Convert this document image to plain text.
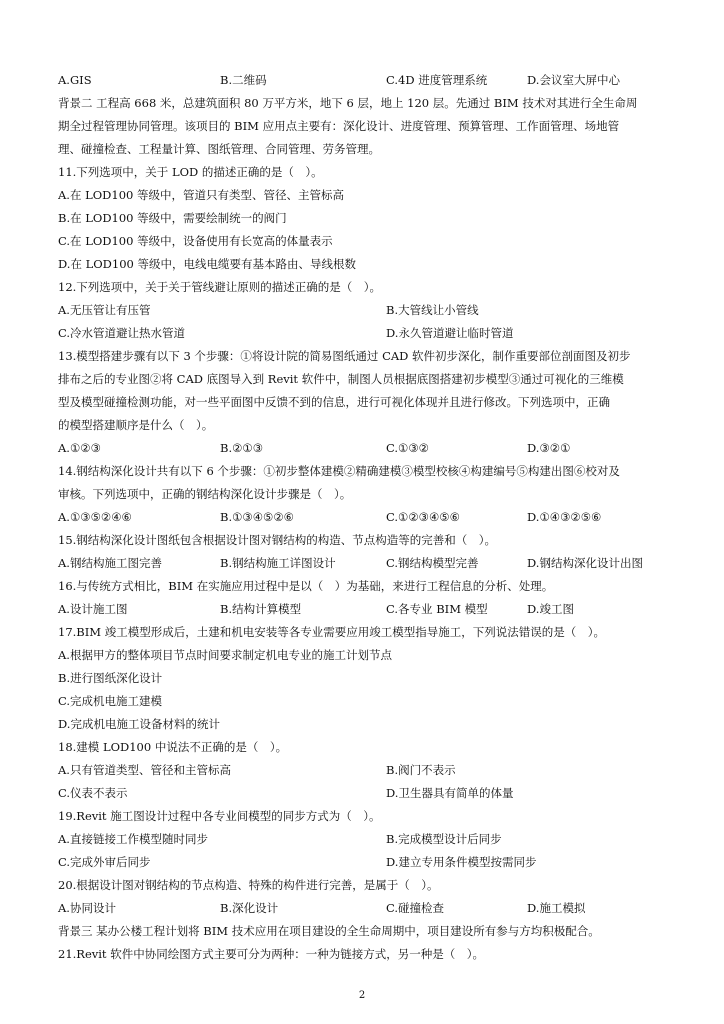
A.GIS	B.二维码	C.4D 进度管理系统	D.会议室大屏中心
背景二 工程高 668 米，总建筑面积 80 万平方米，地下 6 层，地上 120 层。先通过 BIM 技术对其进行全生命周
期全过程管理协同管理。该项目的 BIM 应用点主要有：深化设计、进度管理、预算管理、工作面管理、场地管
理、碰撞检查、工程量计算、图纸管理、合同管理、劳务管理。
11.下列选项中，关于 LOD 的描述正确的是（　）。
A.在 LOD100 等级中，管道只有类型、管径、主管标高
B.在 LOD100 等级中，需要绘制统一的阀门
C.在 LOD100 等级中，设备使用有长宽高的体量表示
D.在 LOD100 等级中，电线电缆要有基本路由、导线根数
12.下列选项中，关于关于管线避让原则的描述正确的是（　）。
A.无压管让有压管	B.大管线让小管线
C.冷水管道避让热水管道	D.永久管道避让临时管道
13.模型搭建步骤有以下 3 个步骤：①将设计院的简易图纸通过 CAD 软件初步深化，制作重要部位剖面图及初步
排布之后的专业图②将 CAD 底图导入到 Revit 软件中，制图人员根据底图搭建初步模型③通过可视化的三维模
型及模型碰撞检测功能，对一些平面图中反馈不到的信息，进行可视化体现并且进行修改。下列选项中，正确
的模型搭建顺序是什么（　）。
A.①②③	B.②①③	C.①③②	D.③②①
14.钢结构深化设计共有以下 6 个步骤：①初步整体建模②精确建模③模型校核④构建编号⑤构建出图⑥校对及
审核。下列选项中，正确的钢结构深化设计步骤是（　）。
A.①③⑤②④⑥	B.①③④⑤②⑥	C.①②③④⑤⑥	D.①④③②⑤⑥
15.钢结构深化设计图纸包含根据设计图对钢结构的构造、节点构造等的完善和（　）。
A.钢结构施工图完善	B.钢结构施工详图设计	C.钢结构模型完善	D.钢结构深化设计出图
16.与传统方式相比，BIM 在实施应用过程中是以（　）为基础，来进行工程信息的分析、处理。
A.设计施工图	B.结构计算模型	C.各专业 BIM 模型	D.竣工图
17.BIM 竣工模型形成后，土建和机电安装等各专业需要应用竣工模型指导施工，下列说法错误的是（　）。
A.根据甲方的整体项目节点时间要求制定机电专业的施工计划节点
B.进行图纸深化设计
C.完成机电施工建模
D.完成机电施工设备材料的统计
18.建模 LOD100 中说法不正确的是（　）。
A.只有管道类型、管径和主管标高	B.阀门不表示
C.仪表不表示	D.卫生器具有简单的体量
19.Revit 施工图设计过程中各专业间模型的同步方式为（　）。
A.直接链接工作模型随时同步	B.完成模型设计后同步
C.完成外审后同步	D.建立专用条件模型按需同步
20.根据设计图对钢结构的节点构造、特殊的构件进行完善，是属于（　）。
A.协同设计	B.深化设计	C.碰撞检查	D.施工模拟
背景三 某办公楼工程计划将 BIM 技术应用在项目建设的全生命周期中，项目建设所有参与方均积极配合。
21.Revit 软件中协同绘图方式主要可分为两种：一种为链接方式，另一种是（　）。
2
